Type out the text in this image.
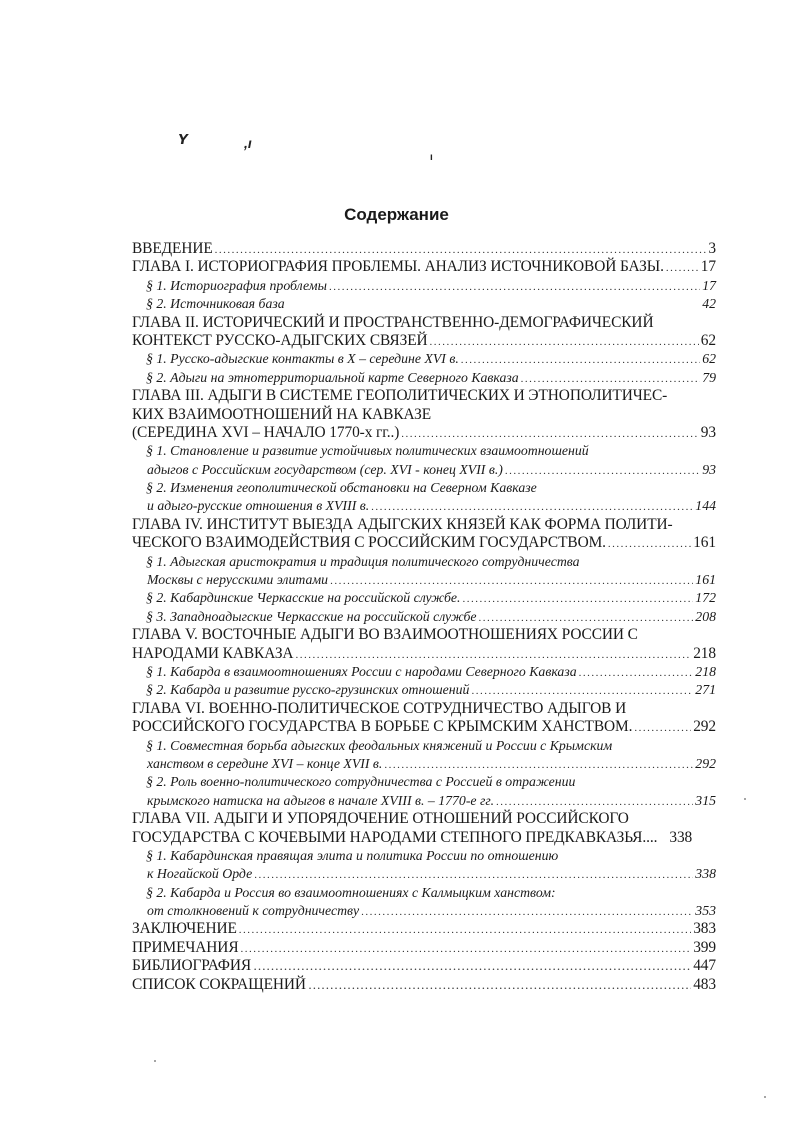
ʏ	,ı
ı
Содержание
ВВЕДЕНИЕ .....	3
ГЛАВА I. ИСТОРИОГРАФИЯ ПРОБЛЕМЫ. АНАЛИЗ ИСТОЧНИКОВОЙ БАЗЫ. ..... 17
§ 1. Историография проблемы .....	17
§ 2. Источниковая база	42
ГЛАВА II. ИСТОРИЧЕСКИЙ И ПРОСТРАНСТВЕННО-ДЕМОГРАФИЧЕСКИЙ
КОНТЕКСТ РУССКО-АДЫГСКИХ СВЯЗЕЙ .....	62
§ 1. Русско-адыгские контакты в X – середине XVI в. .....	62
§ 2. Адыги на этнотерриториальной карте Северного Кавказа .....	79
ГЛАВА III. АДЫГИ В СИСТЕМЕ ГЕОПОЛИТИЧЕСКИХ И ЭТНОПОЛИТИЧЕС-
КИХ ВЗАИМООТНОШЕНИЙ НА КАВКАЗЕ
(СЕРЕДИНА XVI – НАЧАЛО 1770-х гг..) .....	93
§ 1. Становление и развитие устойчивых политических взаимоотношений
адыгов с Российским государством (сер. XVI - конец XVII в.) .....	93
§ 2. Изменения геополитической обстановки на Северном Кавказе
и адыго-русские отношения в XVIII в. .....	144
ГЛАВА IV. ИНСТИТУТ ВЫЕЗДА АДЫГСКИХ КНЯЗЕЙ КАК ФОРМА ПОЛИТИ-
ЧЕСКОГО ВЗАИМОДЕЙСТВИЯ С РОССИЙСКИМ ГОСУДАРСТВОМ. .....	161
§ 1. Адыгская аристократия и традиция политического сотрудничества
Москвы с нерусскими элитами .....	161
§ 2. Кабардинские Черкасские на российской службе. .....	172
§ 3. Западноадыгские Черкасские на российской службе .....	208
ГЛАВА V. ВОСТОЧНЫЕ АДЫГИ ВО ВЗАИМООТНОШЕНИЯХ РОССИИ С
НАРОДАМИ КАВКАЗА .....	218
§ 1. Кабарда в взаимоотношениях России с народами Северного Кавказа .....	218
§ 2. Кабарда и развитие русско-грузинских отношений .....	271
ГЛАВА VI. ВОЕННО-ПОЛИТИЧЕСКОЕ СОТРУДНИЧЕСТВО АДЫГОВ И
РОССИЙСКОГО ГОСУДАРСТВА В БОРЬБЕ С КРЫМСКИМ ХАНСТВОМ. .....	292
§ 1. Совместная борьба адыгских феодальных княжений и России с Крымским
ханством в середине XVI – конце XVII в. .....	292
§ 2. Роль военно-политического сотрудничества с Россией в отражении
крымского натиска на адыгов в начале XVIII в. – 1770-е гг. .....	315
ГЛАВА VII. АДЫГИ И УПОРЯДОЧЕНИЕ ОТНОШЕНИЙ РОССИЙСКОГО
ГОСУДАРСТВА С КОЧЕВЫМИ НАРОДАМИ СТЕПНОГО ПРЕДКАВКАЗЬЯ.... 338
§ 1. Кабардинская правящая элита и политика России по отношению
к Ногайской Орде .....	338
§ 2. Кабарда и Россия во взаимоотношениях с Калмыцким ханством:
от столкновений к сотрудничеству .....	353
ЗАКЛЮЧЕНИЕ .....	383
ПРИМЕЧАНИЯ .....	399
БИБЛИОГРАФИЯ ……………………………………………………………………………………………………………………………………………………………………………………………	447
СПИСОК СОКРАЩЕНИЙ ……………………………………………………………………………………………………………………………………………………………………………………………	483
